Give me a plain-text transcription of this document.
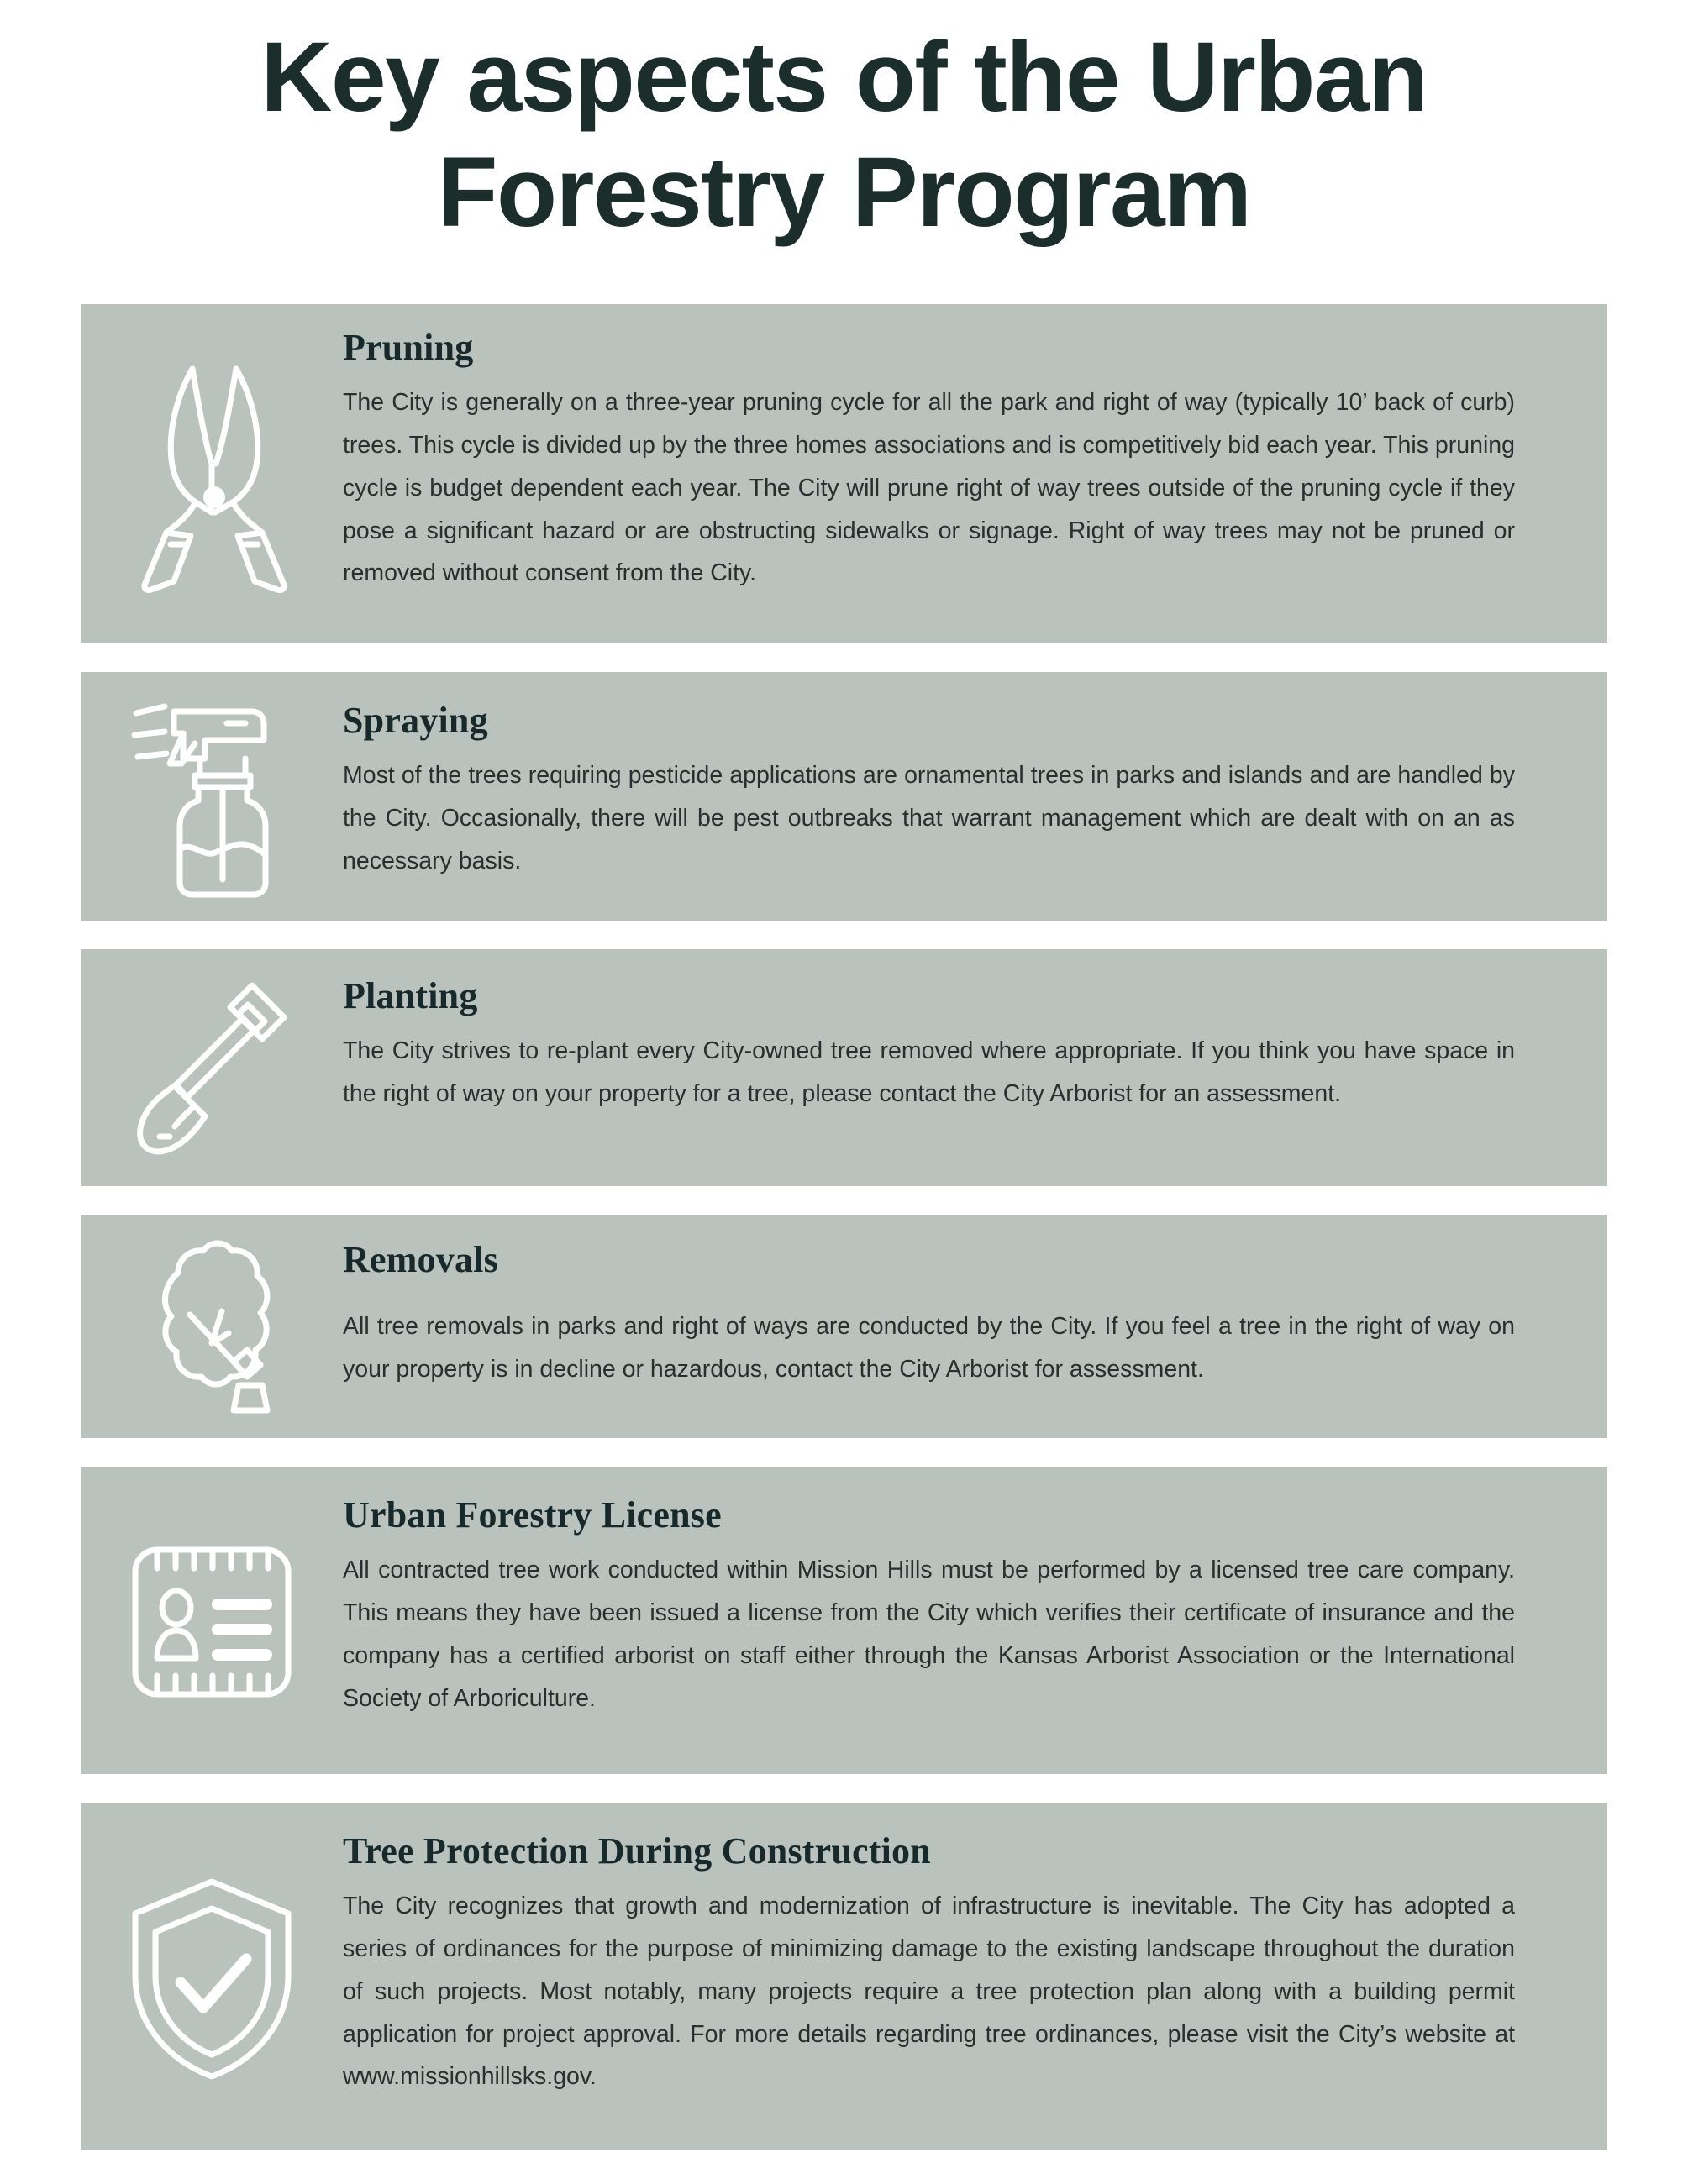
Key aspects of the Urban
Forestry Program
Pruning

The City is generally on a three-year pruning cycle for all the park and right of way (typically 10’ back of curb) trees. This cycle is divided up by the three homes associations and is competitively bid each year. This pruning cycle is budget dependent each year. The City will prune right of way trees outside of the pruning cycle if they pose a significant hazard or are obstructing sidewalks or signage. Right of way trees may not be pruned or removed without consent from the City.

Spraying

Most of the trees requiring pesticide applications are ornamental trees in parks and islands and are handled by the City. Occasionally, there will be pest outbreaks that warrant management which are dealt with on an as necessary basis.

Planting

The City strives to re-plant every City-owned tree removed where appropriate. If you think you have space in the right of way on your property for a tree, please contact the City Arborist for an assessment.

Removals

All tree removals in parks and right of ways are conducted by the City. If you feel a tree in the right of way on your property is in decline or hazardous, contact the City Arborist for assessment.

Urban Forestry License

All contracted tree work conducted within Mission Hills must be performed by a licensed tree care company. This means they have been issued a license from the City which verifies their certificate of insurance and the company has a certified arborist on staff either through the Kansas Arborist Association or the International Society of Arboriculture.

Tree Protection During Construction

The City recognizes that growth and modernization of infrastructure is inevitable. The City has adopted a series of ordinances for the purpose of minimizing damage to the existing landscape throughout the duration of such projects. Most notably, many projects require a tree protection plan along with a building permit application for project approval. For more details regarding tree ordinances, please visit the City’s website at www.missionhillsks.gov.
